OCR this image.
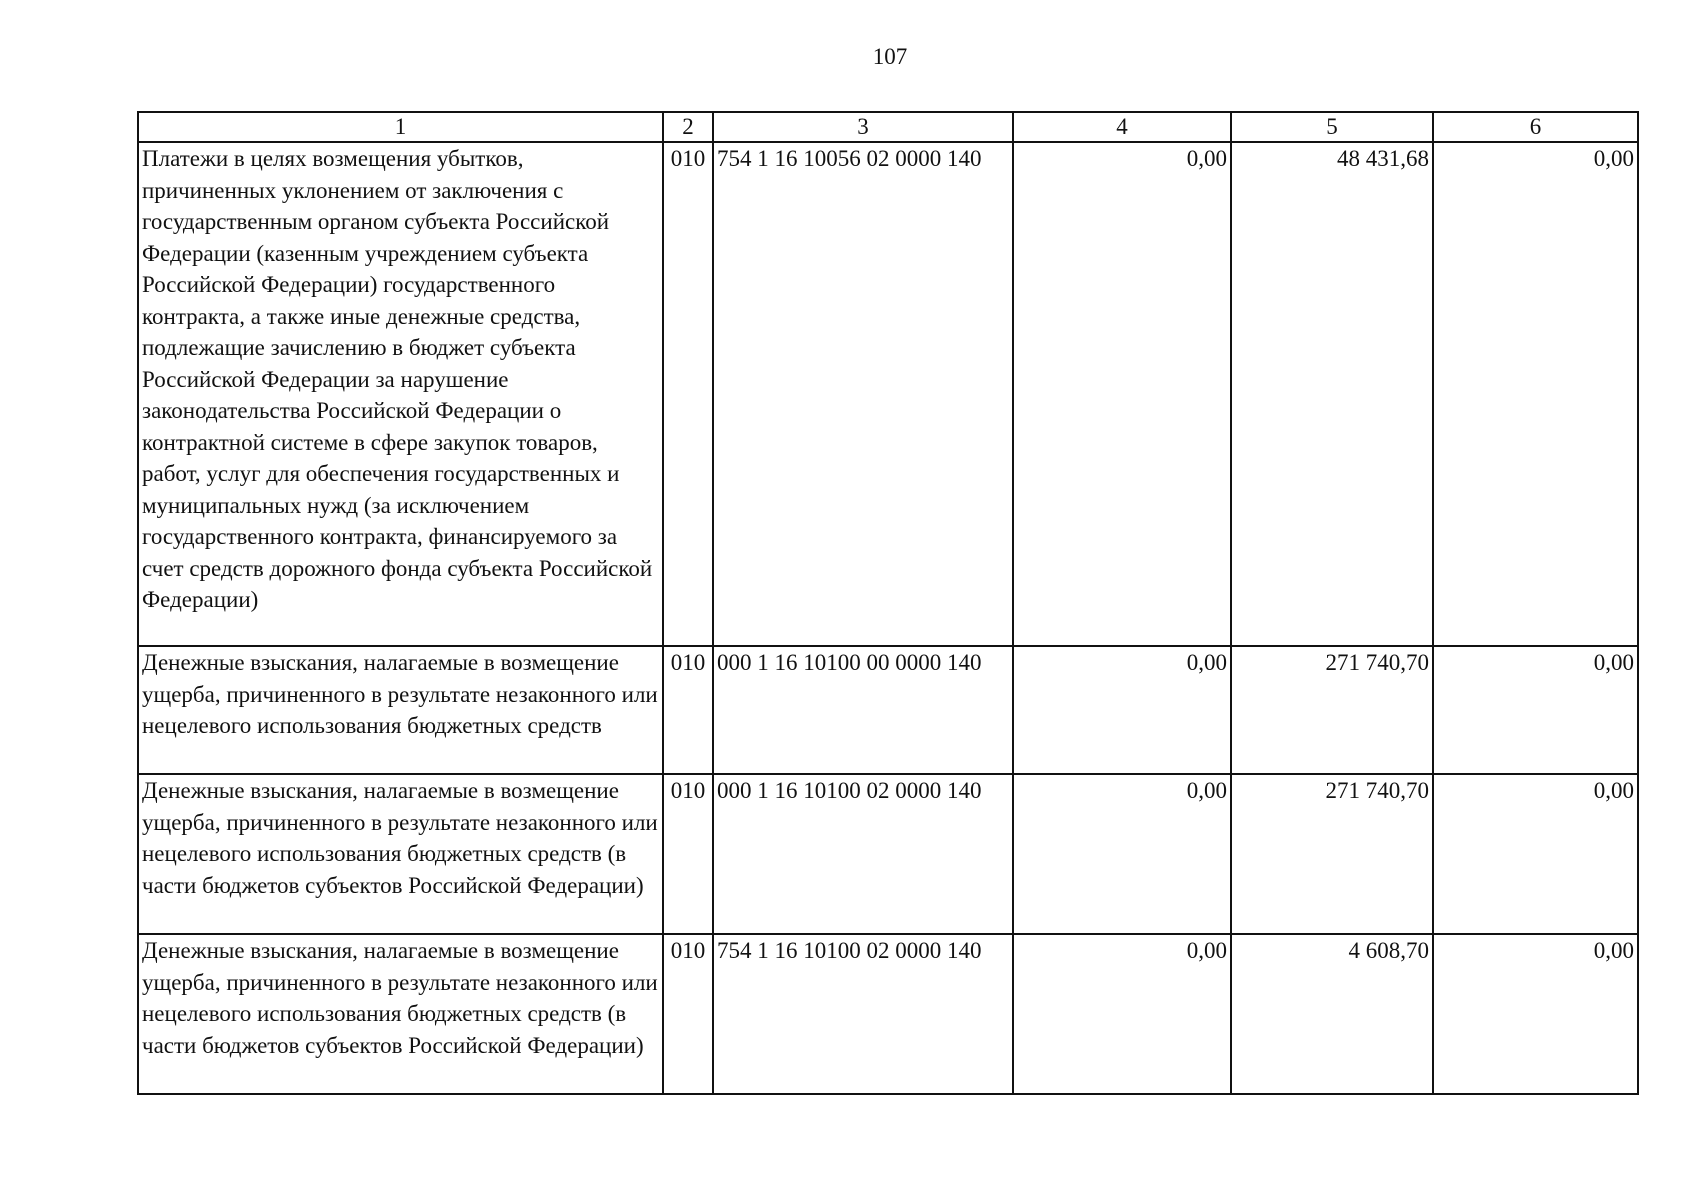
107
1	2	3	4	5	6
Платежи в целях возмещения убытков, причиненных уклонением от заключения с государственным органом субъекта Российской Федерации (казенным учреждением субъекта Российской Федерации) государственного контракта, а также иные денежные средства, подлежащие зачислению в бюджет субъекта Российской Федерации за нарушение законодательства Российской Федерации о контрактной системе в сфере закупок товаров, работ, услуг для обеспечения государственных и муниципальных нужд (за исключением государственного контракта, финансируемого за счет средств дорожного фонда субъекта Российской Федерации)	010	754 1 16 10056 02 0000 140	0,00	48 431,68	0,00
Денежные взыскания, налагаемые в возмещение ущерба, причиненного в результате незаконного или нецелевого использования бюджетных средств	010	000 1 16 10100 00 0000 140	0,00	271 740,70	0,00
Денежные взыскания, налагаемые в возмещение ущерба, причиненного в результате незаконного или нецелевого использования бюджетных средств (в части бюджетов субъектов Российской Федерации)	010	000 1 16 10100 02 0000 140	0,00	271 740,70	0,00
Денежные взыскания, налагаемые в возмещение ущерба, причиненного в результате незаконного или нецелевого использования бюджетных средств (в части бюджетов субъектов Российской Федерации)	010	754 1 16 10100 02 0000 140	0,00	4 608,70	0,00
